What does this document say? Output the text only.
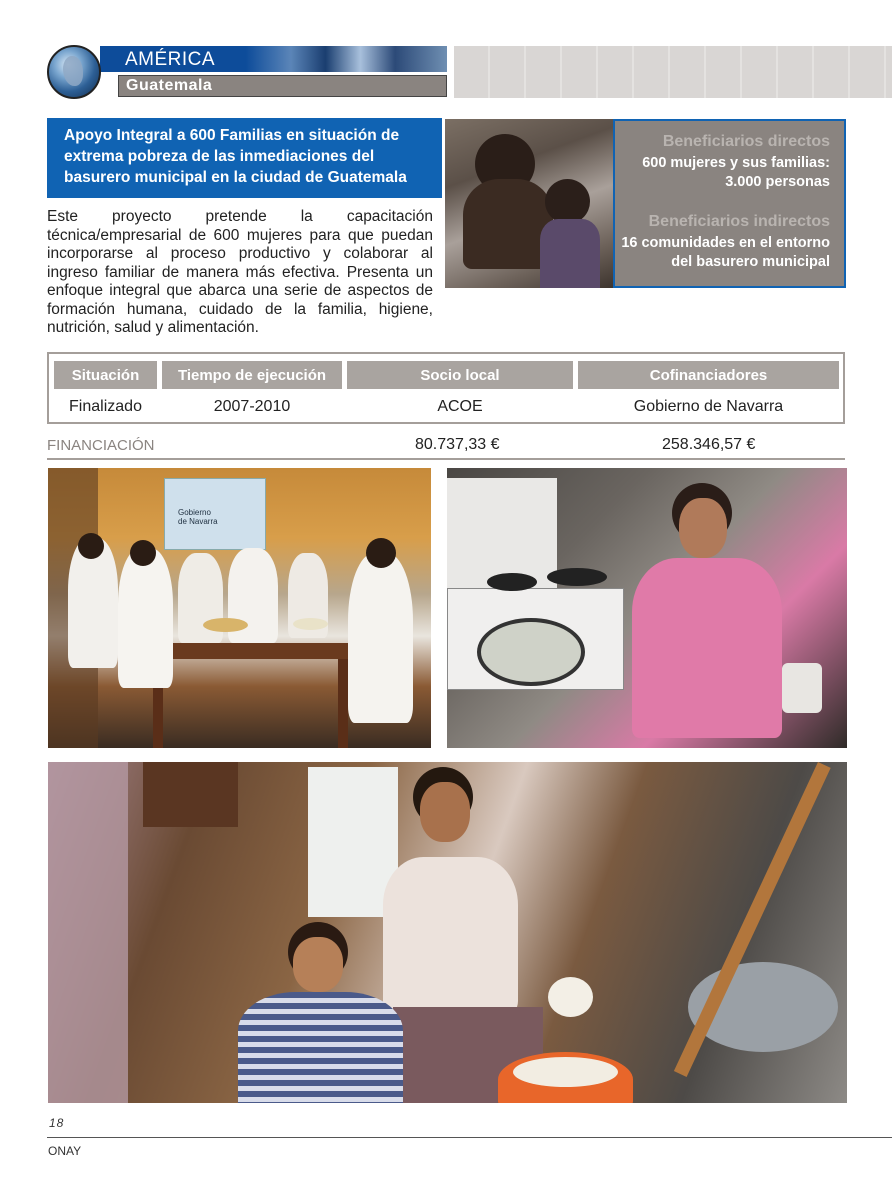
AMÉRICA
Guatemala
Apoyo Integral a 600 Familias en situación de extrema pobreza de las inmediaciones del basurero municipal en la ciudad de Guatemala
Este proyecto pretende la capacitación técnica/empresarial de 600 mujeres para que puedan incorporarse al proceso productivo y colaborar al ingreso familiar de manera más efectiva. Presenta un enfoque integral que abarca una serie de aspectos de formación humana, cuidado de la familia, higiene, nutrición, salud y alimentación.
Beneficiarios directos
600 mujeres y sus familias:
3.000 personas
Beneficiarios indirectos
16 comunidades en el entorno
del basurero municipal
Situación	Tiempo de ejecución	Socio local	Cofinanciadores
Finalizado	2007-2010	ACOE	Gobierno de Navarra
FINANCIACIÓN	80.737,33 €	258.346,57 €
Gobierno
de Navarra
18
ONAY
